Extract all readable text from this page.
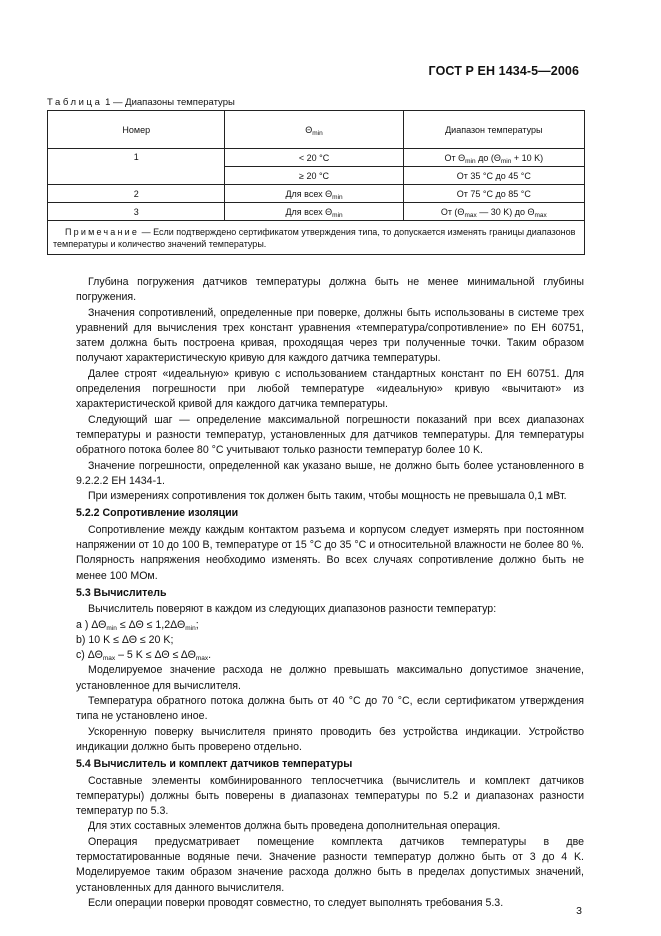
ГОСТ Р ЕН 1434-5—2006
Таблица 1 — Диапазоны температуры
Номер	$\Theta_{min}$	Диапазон температуры
1	< 20 °C	От $\Theta_{min}$ до ($\Theta_{min} + 10$ K)
	≥ 20 °C	От 35 °C до 45 °C
2	Для всех $\Theta_{min}$	От 75 °C до 85 °C
3	Для всех $\Theta_{min}$	От ($\Theta_{max}$ — 30 K) до $\Theta_{max}$
Примечание — Если подтверждено сертификатом утверждения типа, то допускается изменять границы диапазонов температуры и количество значений температуры.		

Глубина погружения датчиков температуры должна быть не менее минимальной глубины погружения.

Значения сопротивлений, определенные при поверке, должны быть использованы в системе трех уравнений для вычисления трех констант уравнения «температура/сопротивление» по ЕН 60751, затем должна быть построена кривая, проходящая через три полученные точки. Таким образом получают характеристическую кривую для каждого датчика температуры.

Далее строят «идеальную» кривую с использованием стандартных констант по ЕН 60751. Для определения погрешности при любой температуре «идеальную» кривую «вычитают» из характеристической кривой для каждого датчика температуры.

Следующий шаг — определение максимальной погрешности показаний при всех диапазонах температуры и разности температур, установленных для датчиков температуры. Для температуры обратного потока более 80 °C учитывают только разности температур более 10 K.

Значение погрешности, определенной как указано выше, не должно быть более установленного в 9.2.2.2 ЕН 1434-1.

При измерениях сопротивления ток должен быть таким, чтобы мощность не превышала 0,1 мВт.

5.2.2 Сопротивление изоляции

Сопротивление между каждым контактом разъема и корпусом следует измерять при постоянном напряжении от 10 до 100 В, температуре от 15 °C до 35 °C и относительной влажности не более 80 %. Полярность напряжения необходимо изменять. Во всех случаях сопротивление должно быть не менее 100 МОм.

5.3 Вычислитель

Вычислитель поверяют в каждом из следующих диапазонов разности температур:

a ) $\Delta\Theta_{min} \le \Delta\Theta \le 1,2\Delta\Theta_{min}$;

b) 10 K ≤ ΔΘ ≤ 20 K;

c) $\Delta\Theta_{max} - 5$ $K \le \Delta\Theta \le \Delta\Theta_{max}$.

Моделируемое значение расхода не должно превышать максимально допустимое значение, установленное для вычислителя.

Температура обратного потока должна быть от 40 °C до 70 °C, если сертификатом утверждения типа не установлено иное.

Ускоренную поверку вычислителя принято проводить без устройства индикации. Устройство индикации должно быть проверено отдельно.

5.4 Вычислитель и комплект датчиков температуры

Составные элементы комбинированного теплосчетчика (вычислитель и комплект датчиков температуры) должны быть поверены в диапазонах температуры по 5.2 и диапазонах разности температур по 5.3.

Для этих составных элементов должна быть проведена дополнительная операция.

Операция предусматривает помещение комплекта датчиков температуры в две термостатированные водяные печи. Значение разности температур должно быть от 3 до 4 K. Моделируемое таким образом значение расхода должно быть в пределах допустимых значений, установленных для данного вычислителя.

Если операции поверки проводят совместно, то следует выполнять требования 5.3.

3
